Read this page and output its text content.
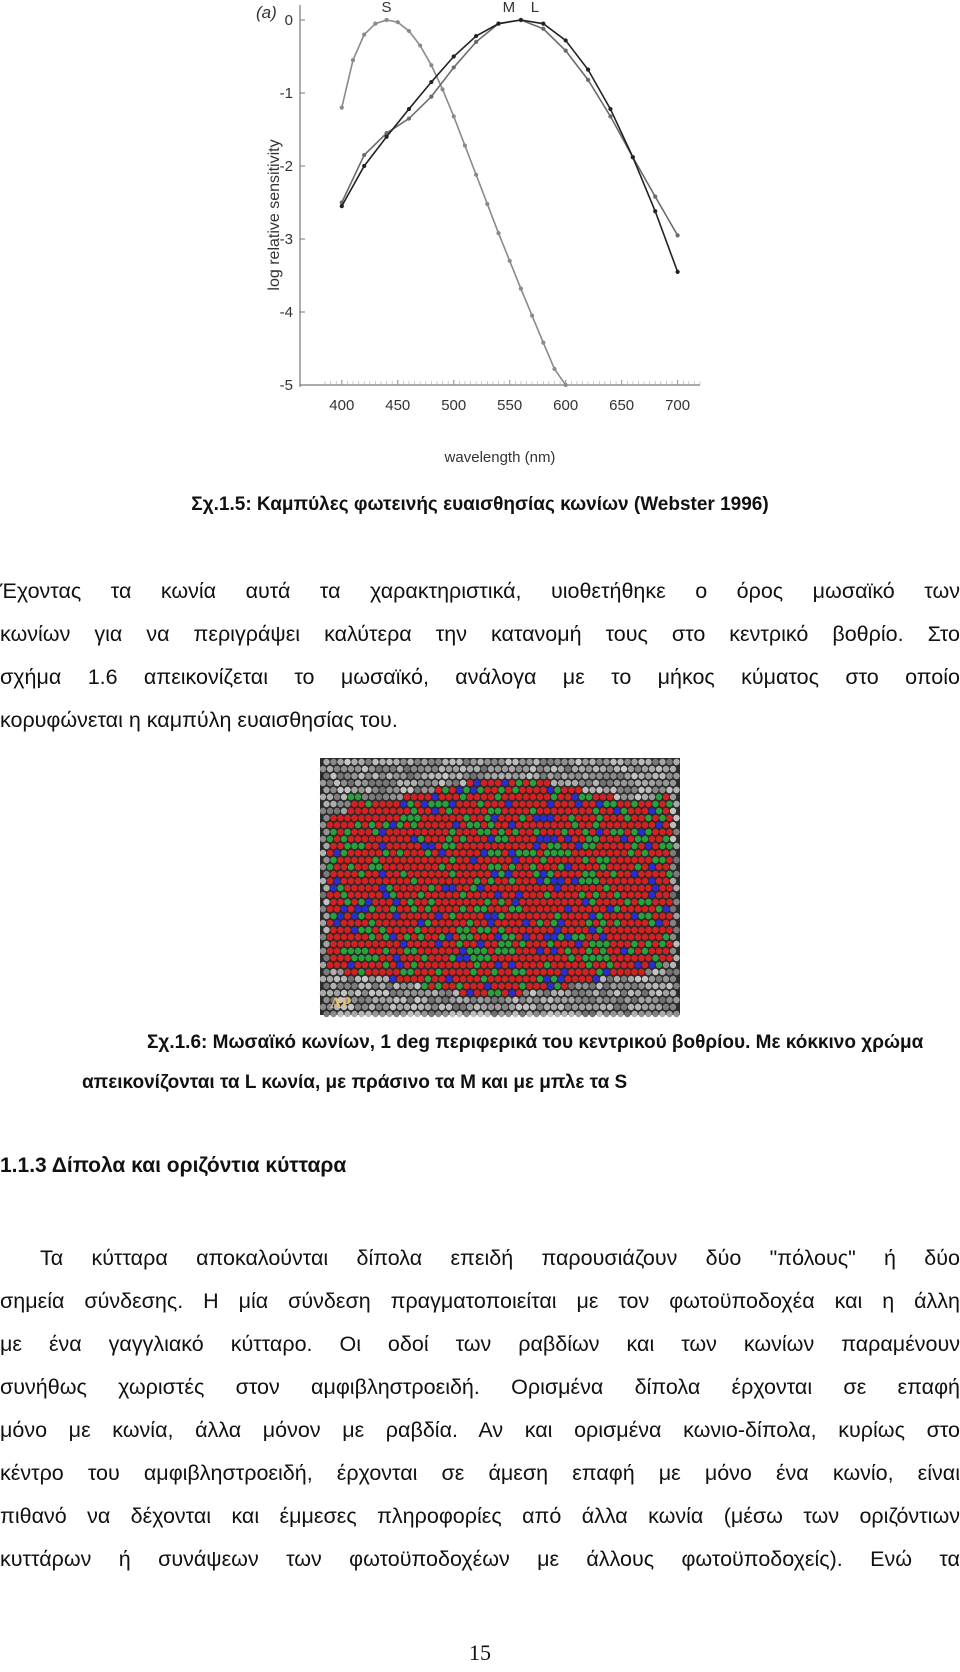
(a)
log relative sensitivity
wavelength (nm)
400 450 500 550 600 650 700
0
-1
-2
-3
-4
-5
S	M L
Σχ.1.5: Καμπύλες φωτεινής ευαισθησίας κωνίων (Webster 1996)
Έχοντας τα κωνία αυτά τα χαρακτηριστικά, υιοθετήθηκε ο όρος μωσαϊκό των
κωνίων για να περιγράψει καλύτερα την κατανομή τους στο κεντρικό βοθρίο. Στο
σχήμα 1.6 απεικονίζεται το μωσαϊκό, ανάλογα με το μήκος κύματος στο οποίο
κορυφώνεται η καμπύλη ευαισθησίας του.
AP
Σχ.1.6: Μωσαϊκό κωνίων, 1 deg περιφερικά του κεντρικού βοθρίου. Με κόκκινο χρώμα
απεικονίζονται τα L κωνία, με πράσινο τα M και με μπλε τα S
1.1.3 Δίπολα και οριζόντια κύτταρα
Τα κύτταρα αποκαλούνται δίπολα επειδή παρουσιάζουν δύο "πόλους" ή δύο
σημεία σύνδεσης. Η μία σύνδεση πραγματοποιείται με τον φωτοϋποδοχέα και η άλλη
με ένα γαγγλιακό κύτταρο. Οι οδοί των ραβδίων και των κωνίων παραμένουν
συνήθως χωριστές στον αμφιβληστροειδή. Ορισμένα δίπολα έρχονται σε επαφή
μόνο με κωνία, άλλα μόνον με ραβδία. Αν και ορισμένα κωνιο-δίπολα, κυρίως στο
κέντρο του αμφιβληστροειδή, έρχονται σε άμεση επαφή με μόνο ένα κωνίο, είναι
πιθανό να δέχονται και έμμεσες πληροφορίες από άλλα κωνία (μέσω των οριζόντιων
κυττάρων ή συνάψεων των φωτοϋποδοχέων με άλλους φωτοϋποδοχείς). Ενώ τα
15
